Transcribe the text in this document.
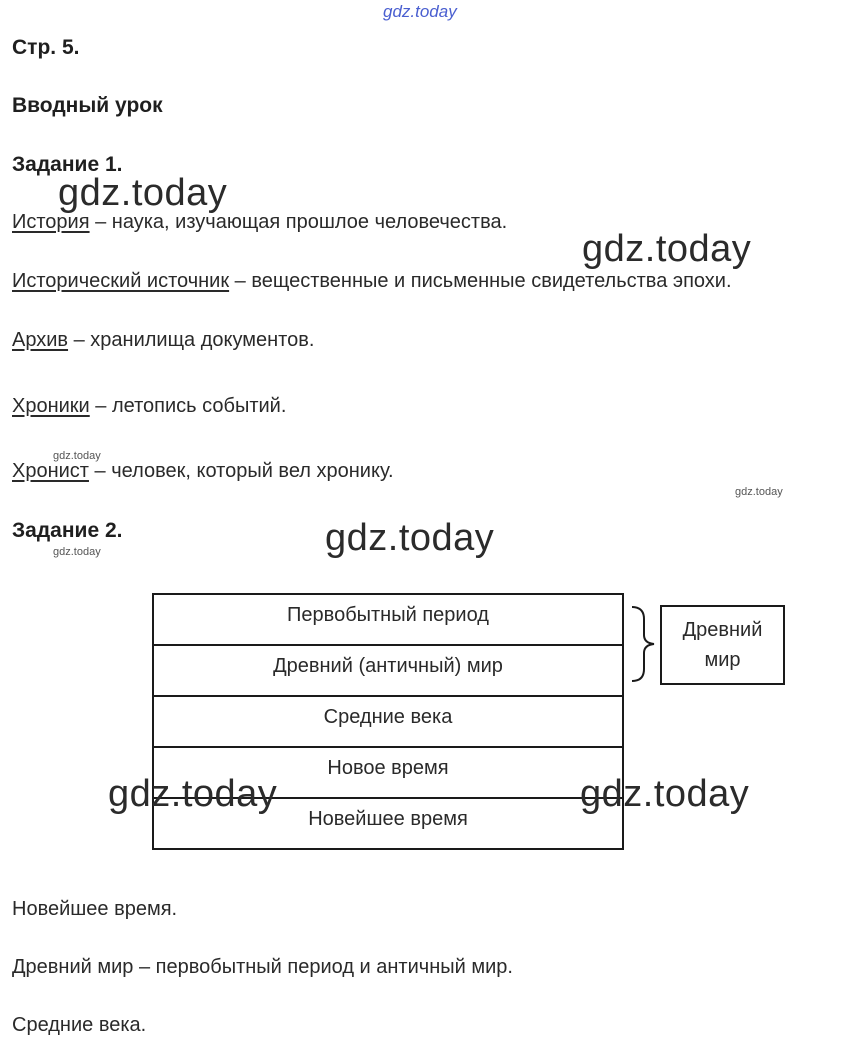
gdz.today
Стр. 5.
Вводный урок
Задание 1.
История – наука, изучающая прошлое человечества.
Исторический источник – вещественные и письменные свидетельства эпохи.
Архив – хранилища документов.
Хроники – летопись событий.
Хронист – человек, который вел хронику.
Задание 2.
Первобытный период
Древний (античный) мир
Средние века
Новое время
Новейшее время
Древний мир
Новейшее время.
Древний мир – первобытный период и античный мир.
Средние века.
gdz.today
gdz.today
gdz.today
gdz.today	gdz.today
gdz.today
gdz.today
gdz.today
